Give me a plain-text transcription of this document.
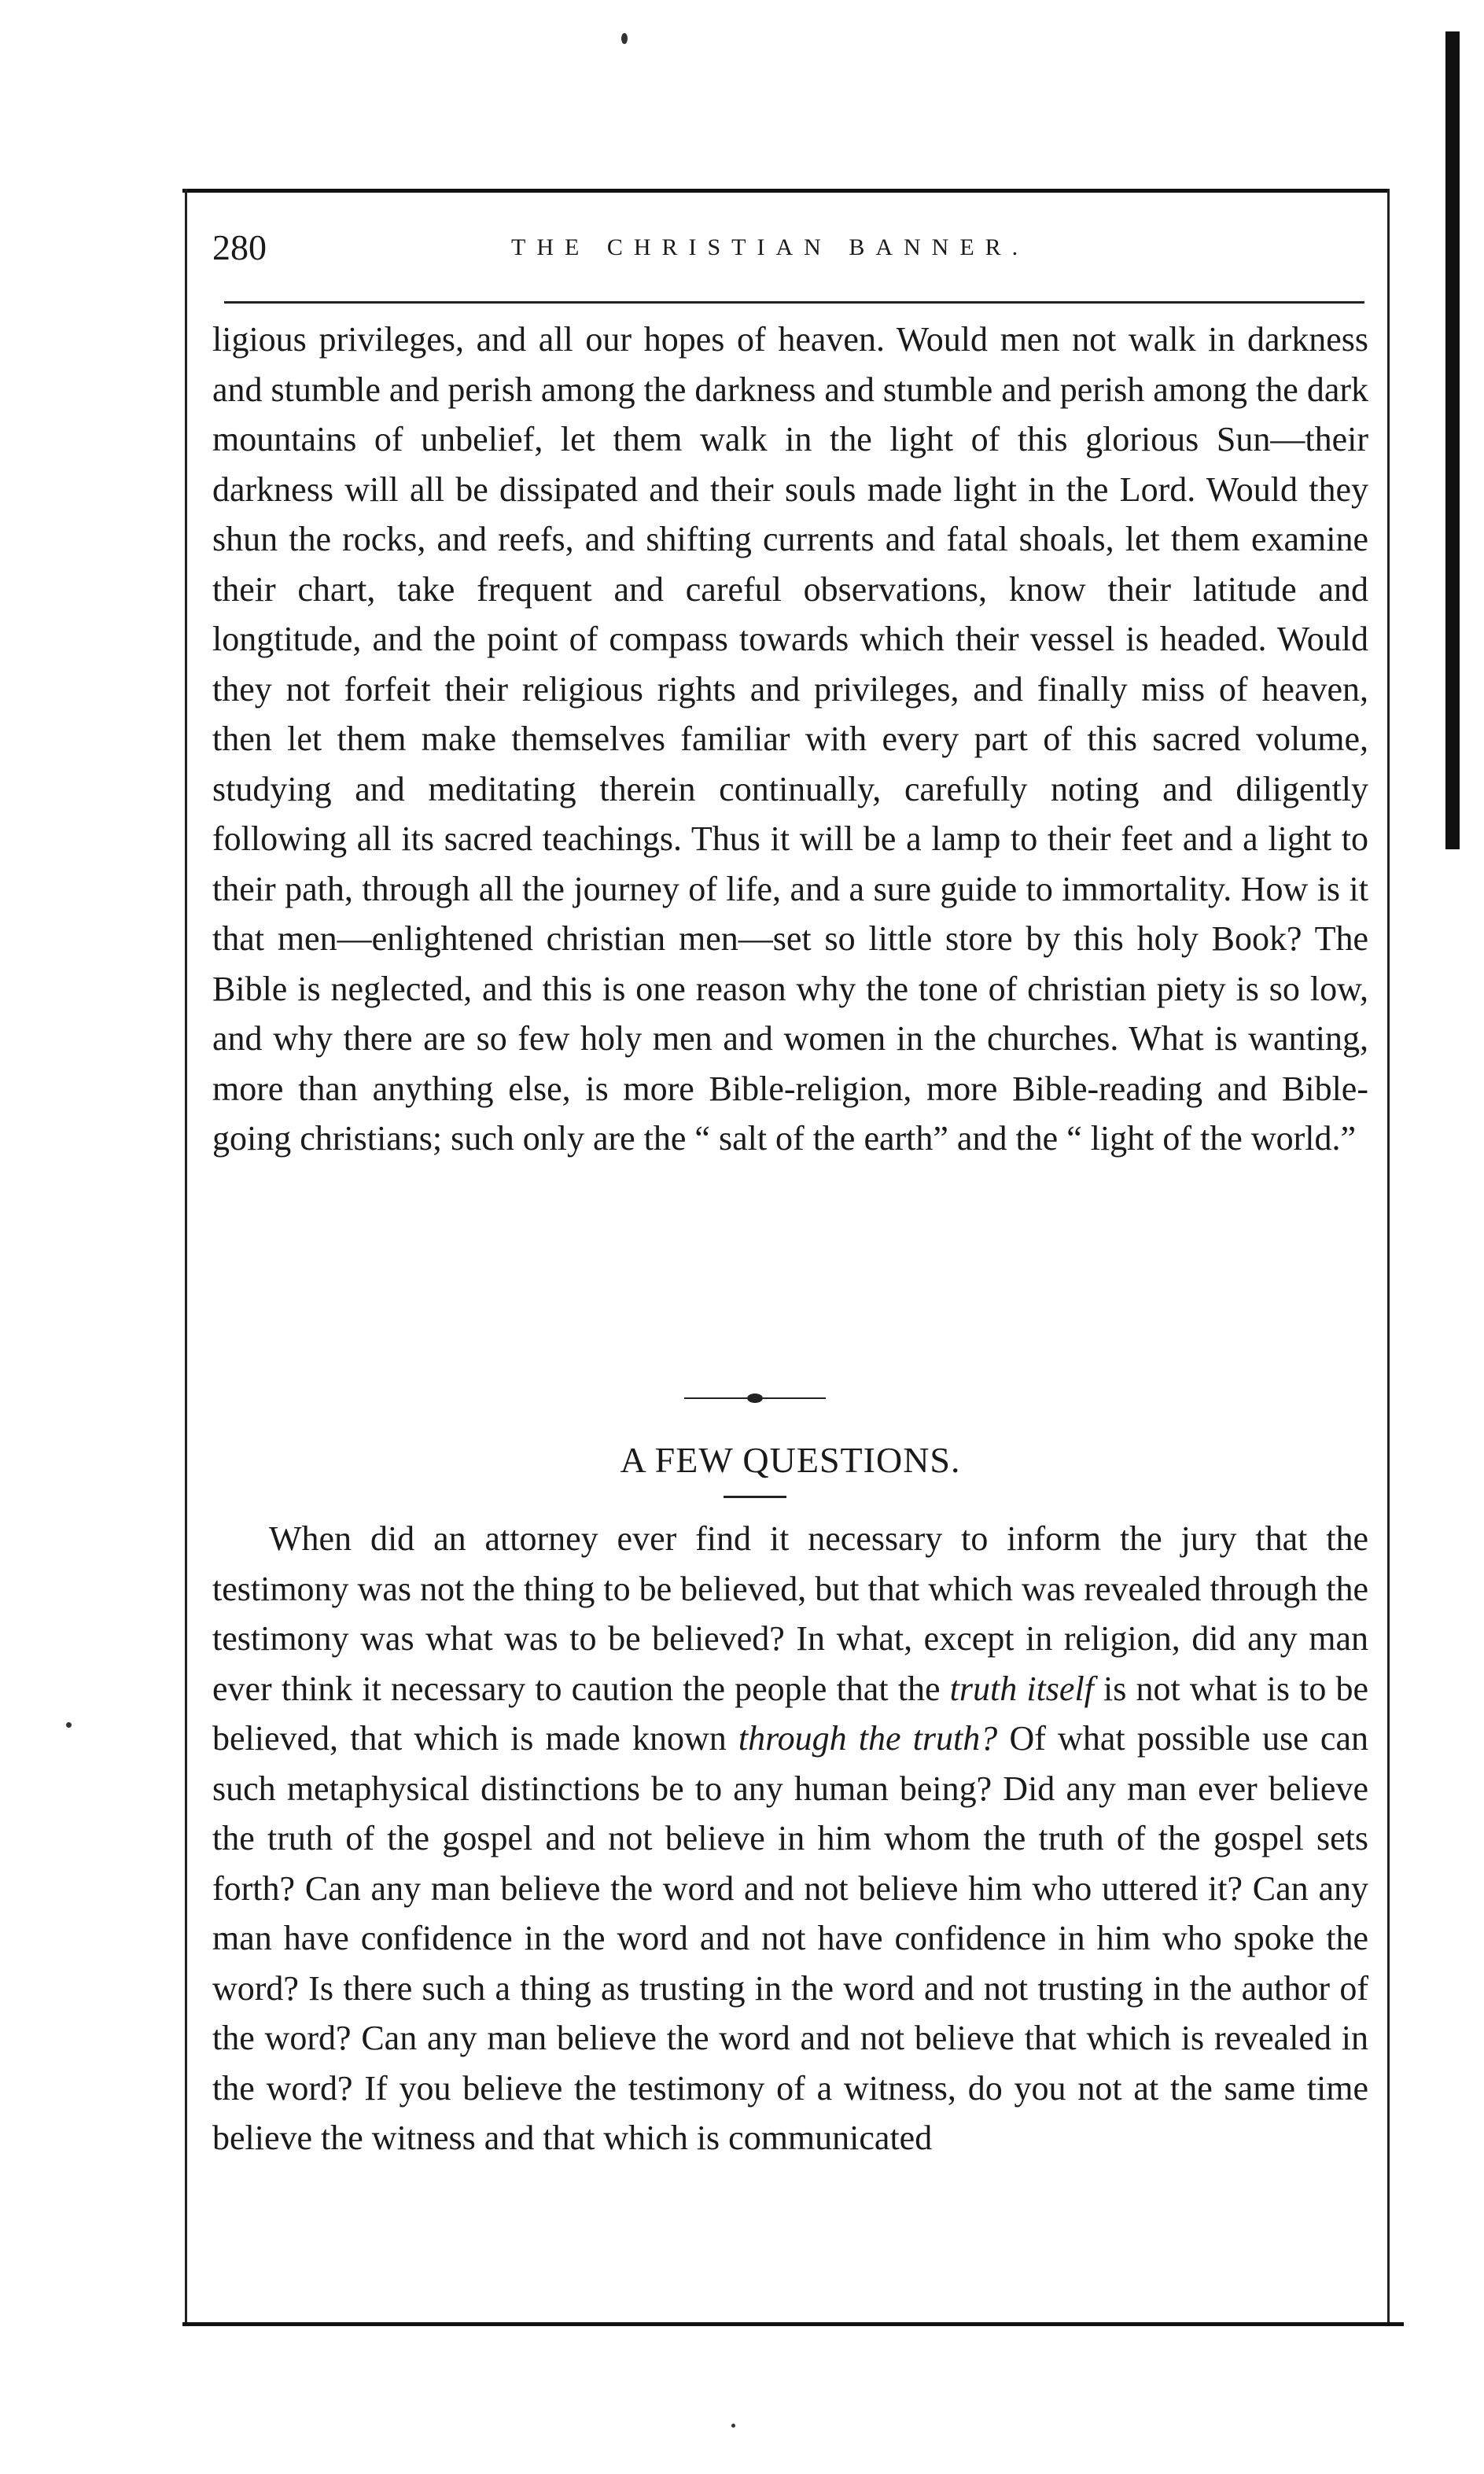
280	THE CHRISTIAN BANNER.

ligious privileges, and all our hopes of heaven. Would men not walk in darkness and stumble and perish among the darkness and stumble and perish among the dark mountains of unbelief, let them walk in the light of this glorious Sun—their darkness will all be dissipated and their souls made light in the Lord. Would they shun the rocks, and reefs, and shifting currents and fatal shoals, let them examine their chart, take frequent and careful observations, know their latitude and longtitude, and the point of compass towards which their vessel is headed. Would they not forfeit their religious rights and privileges, and finally miss of heaven, then let them make themselves familiar with every part of this sacred volume, studying and meditating therein continually, carefully noting and diligently following all its sacred teachings. Thus it will be a lamp to their feet and a light to their path, through all the journey of life, and a sure guide to immortality. How is it that men—enlightened christian men—set so little store by this holy Book? The Bible is neglected, and this is one reason why the tone of christian piety is so low, and why there are so few holy men and women in the churches. What is wanting, more than anything else, is more Bible-religion, more Bible-reading and Bible-going christians; such only are the “ salt of the earth” and the “ light of the world.”

A FEW QUESTIONS.

When did an attorney ever find it necessary to inform the jury that the testimony was not the thing to be believed, but that which was revealed through the testimony was what was to be believed? In what, except in religion, did any man ever think it necessary to caution the people that the truth itself is not what is to be believed, that which is made known through the truth? Of what possible use can such metaphysical distinctions be to any human being? Did any man ever believe the truth of the gospel and not believe in him whom the truth of the gospel sets forth? Can any man believe the word and not believe him who uttered it? Can any man have confidence in the word and not have confidence in him who spoke the word? Is there such a thing as trusting in the word and not trusting in the author of the word? Can any man believe the word and not believe that which is revealed in the word? If you believe the testimony of a witness, do you not at the same time believe the witness and that which is communicated
